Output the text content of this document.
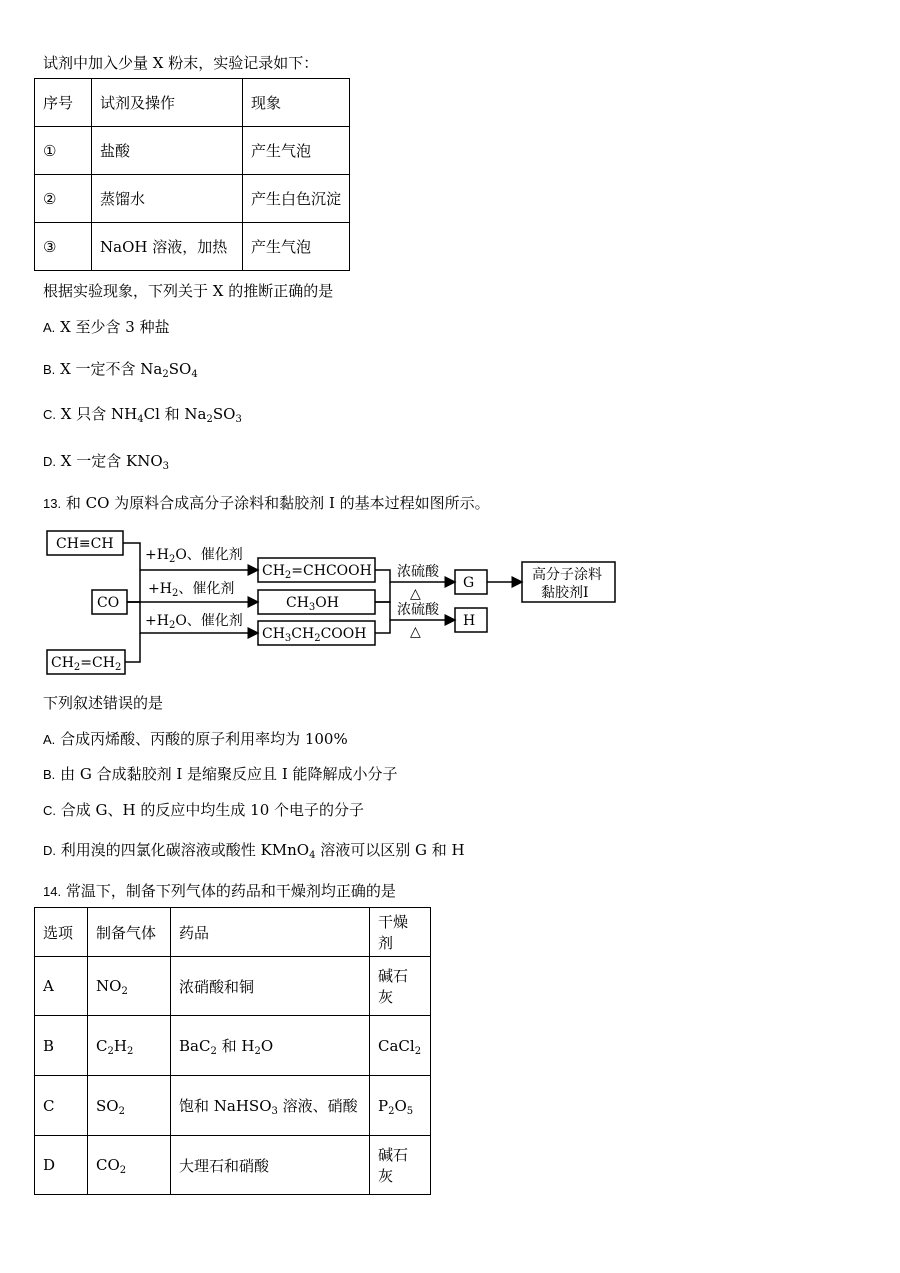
试剂中加入少量 X 粉末，实验记录如下：
序号	试剂及操作	现象
①	盐酸	产生气泡
②	蒸馏水	产生白色沉淀
③	NaOH 溶液，加热	产生气泡
根据实验现象，下列关于 X 的推断正确的是
A. X 至少含 3 种盐
B. X 一定不含 $Na_2SO_4$
C. X 只含 $NH_4Cl$ 和 $Na_2SO_3$
D. X 一定含 $KNO_3$
13. 和 CO 为原料合成高分子涂料和黏胶剂 I 的基本过程如图所示。
CH≡CH
CO
$CH_2=CH_2$
$CH_2=CHCOOH$
$CH_3OH$
$CH_3CH_2COOH$
G
H
高分子涂料
黏胶剂I
$+H_2O$、催化剂
$+H_2$、催化剂
$+H_2O$、催化剂
浓硫酸
△
浓硫酸
△
下列叙述错误的是
A. 合成丙烯酸、丙酸的原子利用率均为 100%
B. 由 G 合成黏胶剂 I 是缩聚反应且 I 能降解成小分子
C. 合成 G、H 的反应中均生成 10 个电子的分子
D. 利用溴的四氯化碳溶液或酸性 KMnO$_4$ 溶液可以区别 G 和 H
14. 常温下，制备下列气体的药品和干燥剂均正确的是
选项	制备气体	药品	干燥剂
A	$NO_2$	浓硝酸和铜	碱石灰
B	$C_2H_2$	BaC$_2$ 和 $H_2O$	CaCl$_2$
C	$SO_2$	饱和 NaHSO$_3$ 溶液、硝酸	$P_2O_5$
D	$CO_2$	大理石和硝酸	碱石灰
